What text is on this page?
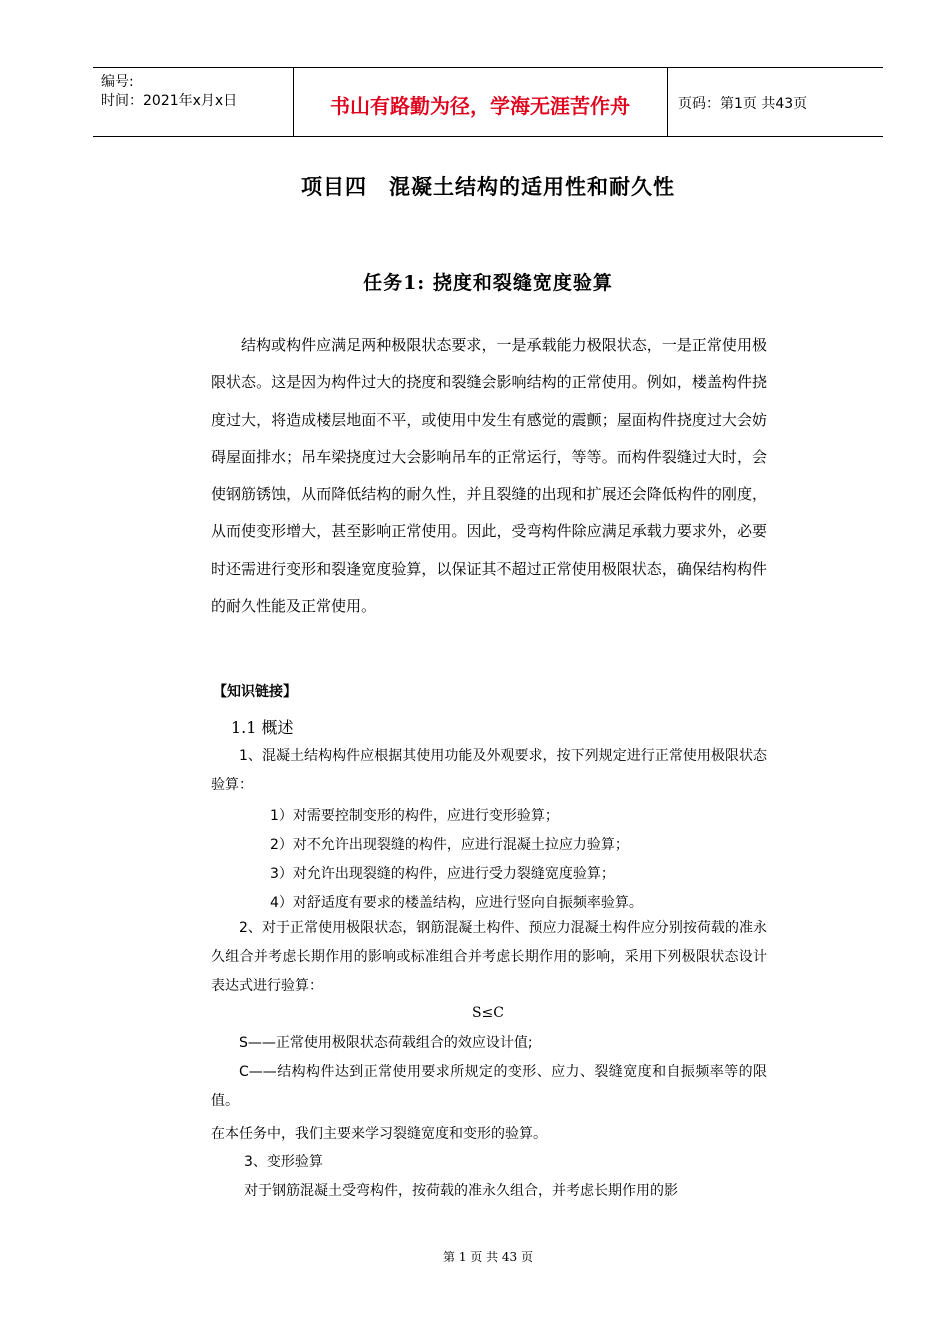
编号:
时间：2021年x月x日	书山有路勤为径，学海无涯苦作舟	页码：第1页 共43页
项目四　混凝土结构的适用性和耐久性
任务1: 挠度和裂缝宽度验算
结构或构件应满足两种极限状态要求，一是承载能力极限状态，一是正常使用极限状态。这是因为构件过大的挠度和裂缝会影响结构的正常使用。例如，楼盖构件挠度过大，将造成楼层地面不平，或使用中发生有感觉的震颤；屋面构件挠度过大会妨碍屋面排水；吊车梁挠度过大会影响吊车的正常运行，等等。而构件裂缝过大时，会使钢筋锈蚀，从而降低结构的耐久性，并且裂缝的出现和扩展还会降低构件的刚度，从而使变形增大，甚至影响正常使用。因此，受弯构件除应满足承载力要求外，必要时还需进行变形和裂逢宽度验算，以保证其不超过正常使用极限状态，确保结构构件的耐久性能及正常使用。
【知识链接】
1.1 概述
1、混凝土结构构件应根据其使用功能及外观要求，按下列规定进行正常使用极限状态验算：
1）对需要控制变形的构件，应进行变形验算；
2）对不允许出现裂缝的构件，应进行混凝土拉应力验算；
3）对允许出现裂缝的构件，应进行受力裂缝宽度验算；
4）对舒适度有要求的楼盖结构，应进行竖向自振频率验算。
2、对于正常使用极限状态，钢筋混凝土构件、预应力混凝土构件应分别按荷载的准永久组合并考虑长期作用的影响或标准组合并考虑长期作用的影响，采用下列极限状态设计表达式进行验算：
S≤C
S——正常使用极限状态荷载组合的效应设计值;
C——结构构件达到正常使用要求所规定的变形、应力、裂缝宽度和自振频率等的限值。
在本任务中，我们主要来学习裂缝宽度和变形的验算。
3、变形验算
对于钢筋混凝土受弯构件，按荷载的准永久组合，并考虑长期作用的影
第 1 页 共 43 页
